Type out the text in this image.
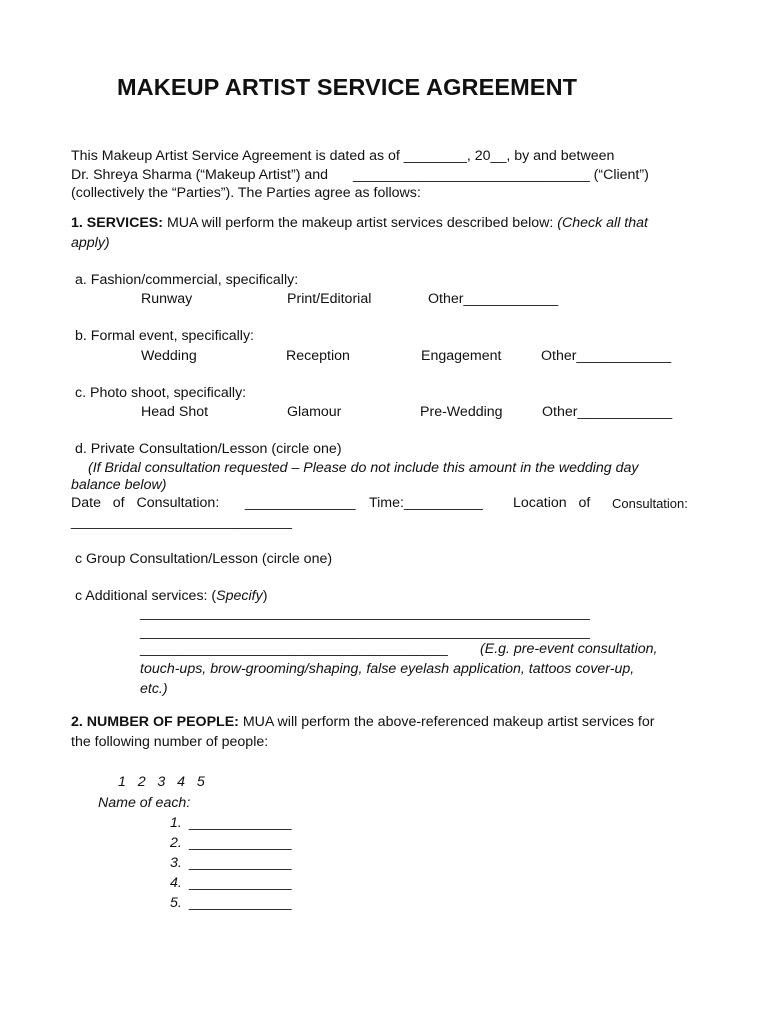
MAKEUP ARTIST SERVICE AGREEMENT
This Makeup Artist Service Agreement is dated as of ________, 20__, by and between
Dr. Shreya Sharma (“Makeup Artist”) and ______________________________ (“Client”)
(collectively the “Parties”). The Parties agree as follows:
1. SERVICES: MUA will perform the makeup artist services described below: (Check all that
apply)
a. Fashion/commercial, specifically:
Runway	Print/Editorial	Other____________
b. Formal event, specifically:
Wedding	Reception	Engagement	Other____________
c. Photo shoot, specifically:
Head Shot	Glamour	Pre-Wedding	Other____________
d. Private Consultation/Lesson (circle one)
(If Bridal consultation requested – Please do not include this amount in the wedding day
balance below)
Date   of   Consultation: ______________ Time:__________ Location   of Consultation:
____________________________
c Group Consultation/Lesson (circle one)
c Additional services: (Specify)
_________________________________________________________
_________________________________________________________
_______________________________________ (E.g. pre-event consultation,
touch-ups, brow-grooming/shaping, false eyelash application, tattoos cover-up,
etc.)
2. NUMBER OF PEOPLE: MUA will perform the above-referenced makeup artist services for
the following number of people:
1   2   3   4   5
Name of each:
1. _____________
2. _____________
3. _____________
4. _____________
5. _____________
